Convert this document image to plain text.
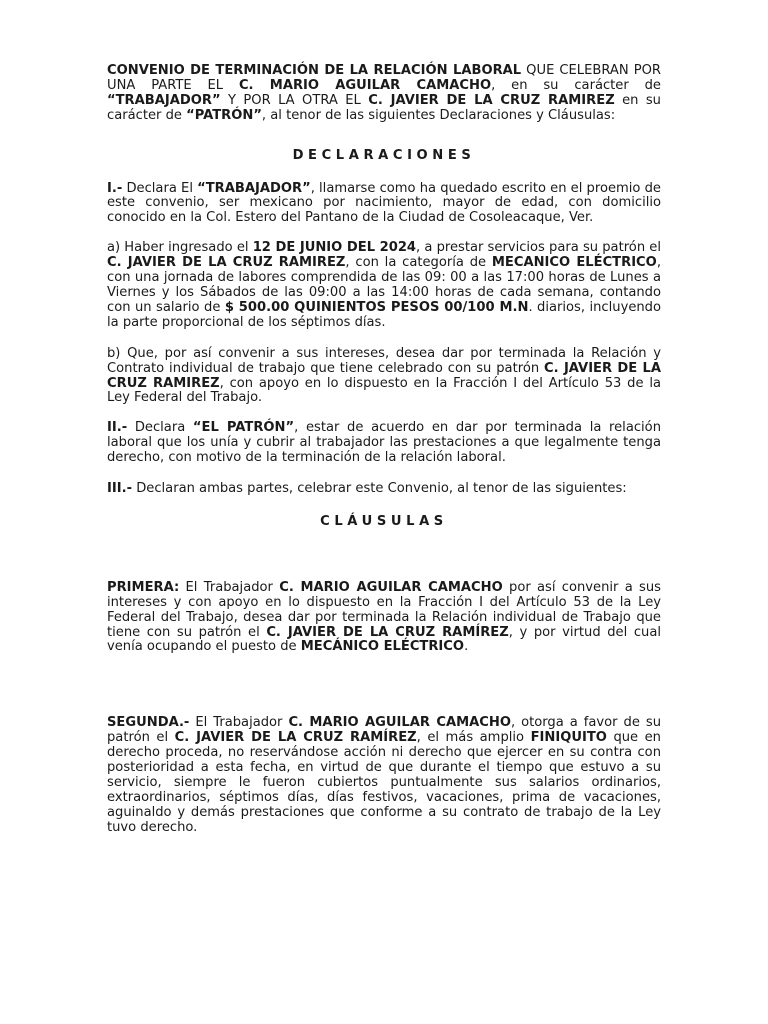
CONVENIO DE TERMINACIÓN DE LA RELACIÓN LABORAL QUE CELEBRAN POR UNA PARTE EL C. MARIO AGUILAR CAMACHO, en su carácter de “TRABAJADOR” Y POR LA OTRA EL C. JAVIER DE LA CRUZ RAMIREZ en su carácter de “PATRÓN”, al tenor de las siguientes Declaraciones y Cláusulas:

DECLARACIONES

I.- Declara El “TRABAJADOR”, llamarse como ha quedado escrito en el proemio de este convenio, ser mexicano por nacimiento, mayor de edad, con domicilio conocido en la Col. Estero del Pantano de la Ciudad de Cosoleacaque, Ver.

a) Haber ingresado el 12 DE JUNIO DEL 2024, a prestar servicios para su patrón el C. JAVIER DE LA CRUZ RAMIREZ, con la categoría de MECANICO ELÉCTRICO, con una jornada de labores comprendida de las 09: 00 a las 17:00 horas de Lunes a Viernes y los Sábados de las 09:00 a las 14:00 horas de cada semana, contando con un salario de $ 500.00 QUINIENTOS PESOS 00/100 M.N. diarios, incluyendo la parte proporcional de los séptimos días.

b) Que, por así convenir a sus intereses, desea dar por terminada la Relación y Contrato individual de trabajo que tiene celebrado con su patrón C. JAVIER DE LA CRUZ RAMIREZ, con apoyo en lo dispuesto en la Fracción I del Artículo 53 de la Ley Federal del Trabajo.

II.- Declara “EL PATRÓN”, estar de acuerdo en dar por terminada la relación laboral que los unía y cubrir al trabajador las prestaciones a que legalmente tenga derecho, con motivo de la terminación de la relación laboral.

III.- Declaran ambas partes, celebrar este Convenio, al tenor de las siguientes:

CLÁUSULAS

PRIMERA: El Trabajador C. MARIO AGUILAR CAMACHO por así convenir a sus intereses y con apoyo en lo dispuesto en la Fracción I del Artículo 53 de la Ley Federal del Trabajo, desea dar por terminada la Relación individual de Trabajo que tiene con su patrón el C. JAVIER DE LA CRUZ RAMÍREZ, y por virtud del cual venía ocupando el puesto de MECÁNICO ELÉCTRICO.

SEGUNDA.- El Trabajador C. MARIO AGUILAR CAMACHO, otorga a favor de su patrón el C. JAVIER DE LA CRUZ RAMÍREZ, el más amplio FINIQUITO que en derecho proceda, no reservándose acción ni derecho que ejercer en su contra con posterioridad a esta fecha, en virtud de que durante el tiempo que estuvo a su servicio, siempre le fueron cubiertos puntualmente sus salarios ordinarios, extraordinarios, séptimos días, días festivos, vacaciones, prima de vacaciones, aguinaldo y demás prestaciones que conforme a su contrato de trabajo de la Ley tuvo derecho.
